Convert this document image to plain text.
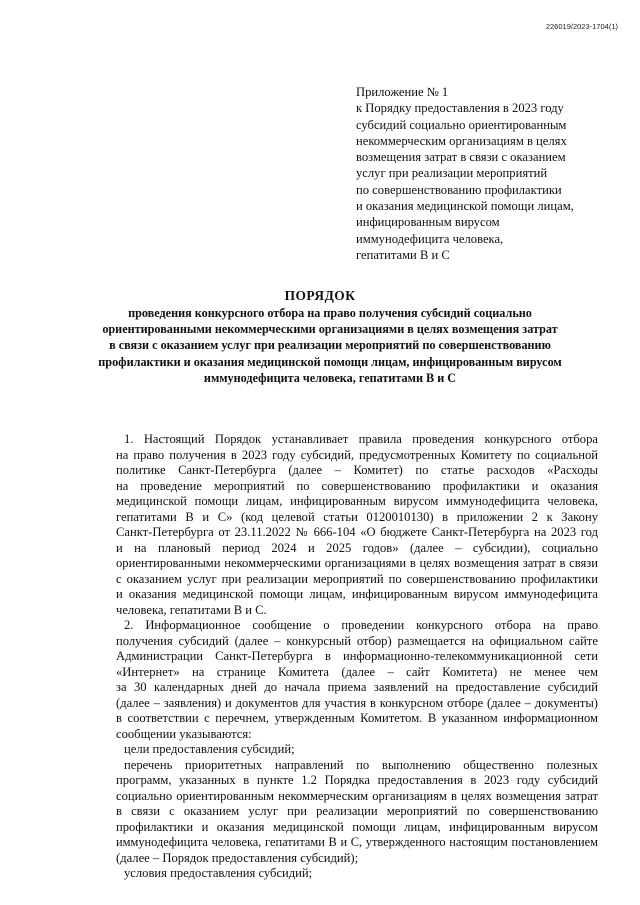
226019/2023-1704(1)
Приложение № 1
к Порядку предоставления в 2023 году
субсидий социально ориентированным
некоммерческим организациям в целях
возмещения затрат в связи с оказанием
услуг при реализации мероприятий
по совершенствованию профилактики
и оказания медицинской помощи лицам,
инфицированным вирусом
иммунодефицита человека,
гепатитами В и С
ПОРЯДОК
проведения конкурсного отбора на право получения субсидий социально
ориентированными некоммерческими организациями в целях возмещения затрат
в связи с оказанием услуг при реализации мероприятий по совершенствованию
профилактики и оказания медицинской помощи лицам, инфицированным вирусом
иммунодефицита человека, гепатитами В и С
1. Настоящий Порядок устанавливает правила проведения конкурсного отбора
на право получения в 2023 году субсидий, предусмотренных Комитету по социальной
политике Санкт-Петербурга (далее – Комитет) по статье расходов «Расходы
на проведение мероприятий по совершенствованию профилактики и оказания
медицинской помощи лицам, инфицированным вирусом иммунодефицита человека,
гепатитами В и С» (код целевой статьи 0120010130) в приложении 2 к Закону
Санкт-Петербурга от 23.11.2022 № 666-104 «О бюджете Санкт-Петербурга на 2023 год
и на плановый период 2024 и 2025 годов» (далее – субсидии), социально
ориентированными некоммерческими организациями в целях возмещения затрат в связи
с оказанием услуг при реализации мероприятий по совершенствованию профилактики
и оказания медицинской помощи лицам, инфицированным вирусом иммунодефицита
человека, гепатитами В и С.
2. Информационное сообщение о проведении конкурсного отбора на право
получения субсидий (далее – конкурсный отбор) размещается на официальном сайте
Администрации Санкт-Петербурга в информационно-телекоммуникационной сети
«Интернет» на странице Комитета (далее – сайт Комитета) не менее чем
за 30 календарных дней до начала приема заявлений на предоставление субсидий
(далее – заявления) и документов для участия в конкурсном отборе (далее – документы)
в соответствии с перечнем, утвержденным Комитетом. В указанном информационном
сообщении указываются:
цели предоставления субсидий;
перечень приоритетных направлений по выполнению общественно полезных
программ, указанных в пункте 1.2 Порядка предоставления в 2023 году субсидий
социально ориентированным некоммерческим организациям в целях возмещения затрат
в связи с оказанием услуг при реализации мероприятий по совершенствованию
профилактики и оказания медицинской помощи лицам, инфицированным вирусом
иммунодефицита человека, гепатитами В и С, утвержденного настоящим постановлением
(далее – Порядок предоставления субсидий);
условия предоставления субсидий;
